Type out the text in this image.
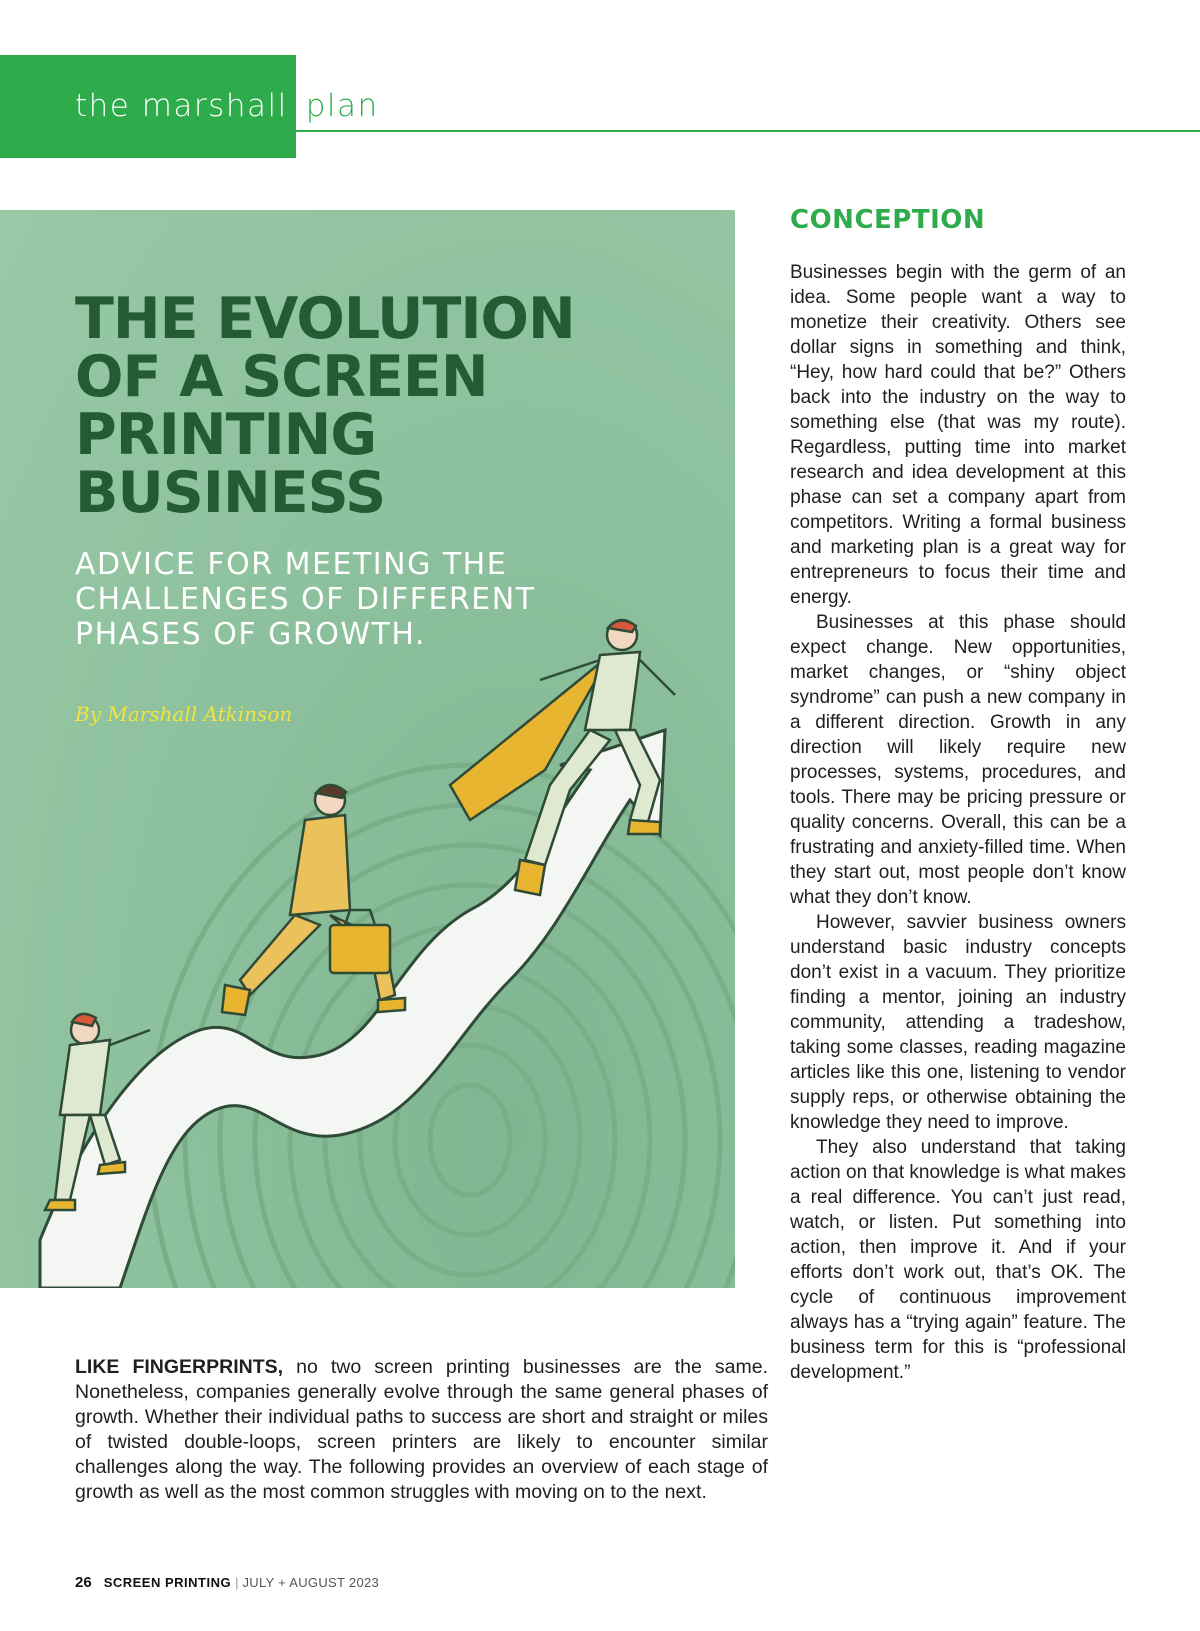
the marshall plan
THE EVOLUTION OF A SCREEN PRINTING BUSINESS

ADVICE FOR MEETING THE CHALLENGES OF DIFFERENT PHASES OF GROWTH.

By Marshall Atkinson
CONCEPTION

Businesses begin with the germ of an idea. Some people want a way to monetize their creativity. Others see dollar signs in something and think, “Hey, how hard could that be?” Others back into the industry on the way to something else (that was my route). Regardless, putting time into market research and idea development at this phase can set a company apart from competitors. Writing a formal business and marketing plan is a great way for entrepreneurs to focus their time and energy.

Businesses at this phase should expect change. New opportunities, market changes, or “shiny object syndrome” can push a new company in a different direction. Growth in any direction will likely require new processes, systems, procedures, and tools. There may be pricing pressure or quality concerns. Overall, this can be a frustrating and anxiety-filled time. When they start out, most people don’t know what they don’t know.

However, savvier business owners understand basic industry concepts don’t exist in a vacuum. They prioritize finding a mentor, joining an industry community, attending a tradeshow, taking some classes, reading magazine articles like this one, listening to vendor supply reps, or otherwise obtaining the knowledge they need to improve.

They also understand that taking action on that knowledge is what makes a real difference. You can’t just read, watch, or listen. Put something into action, then improve it. And if your efforts don’t work out, that’s OK. The cycle of continuous improvement always has a “trying again” feature. The business term for this is “professional development.”

LIKE FINGERPRINTS, no two screen printing businesses are the same. Nonetheless, companies generally evolve through the same general phases of growth. Whether their individual paths to success are short and straight or miles of twisted double-loops, screen printers are likely to encounter similar challenges along the way. The following provides an overview of each stage of growth as well as the most common struggles with moving on to the next.

26 SCREEN PRINTING | JULY + AUGUST 2023
